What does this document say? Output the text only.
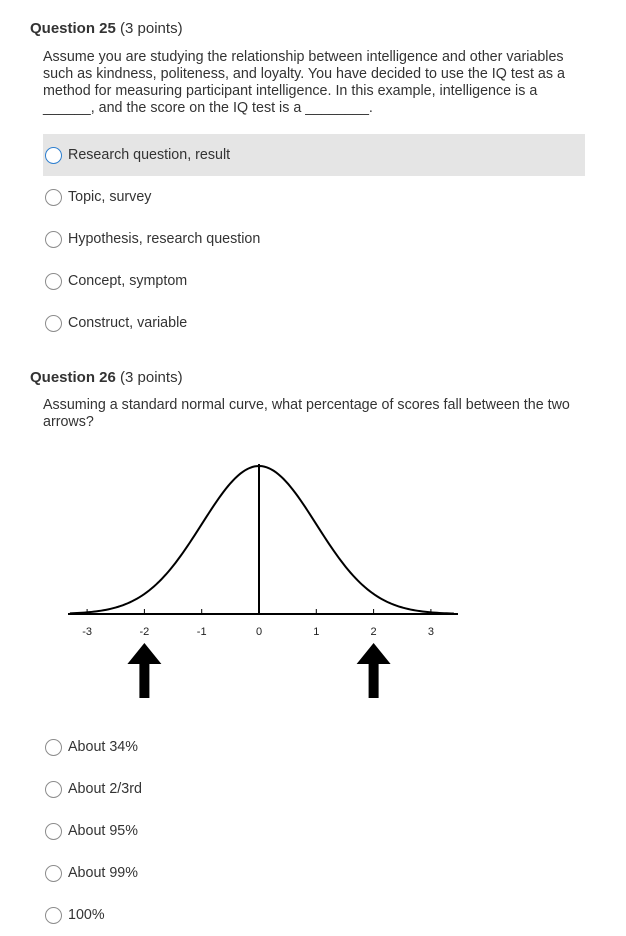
Question 25 (3 points)
Assume you are studying the relationship between intelligence and other variables such as kindness, politeness, and loyalty. You have decided to use the IQ test as a method for measuring participant intelligence. In this example, intelligence is a ______, and the score on the IQ test is a ________.
Research question, result
Topic, survey
Hypothesis, research question
Concept, symptom
Construct, variable
Question 26 (3 points)
Assuming a standard normal curve, what percentage of scores fall between the two arrows?
-3	-2	-1	0	1	2	3
About 34%
About 2/3rd
About 95%
About 99%
100%
